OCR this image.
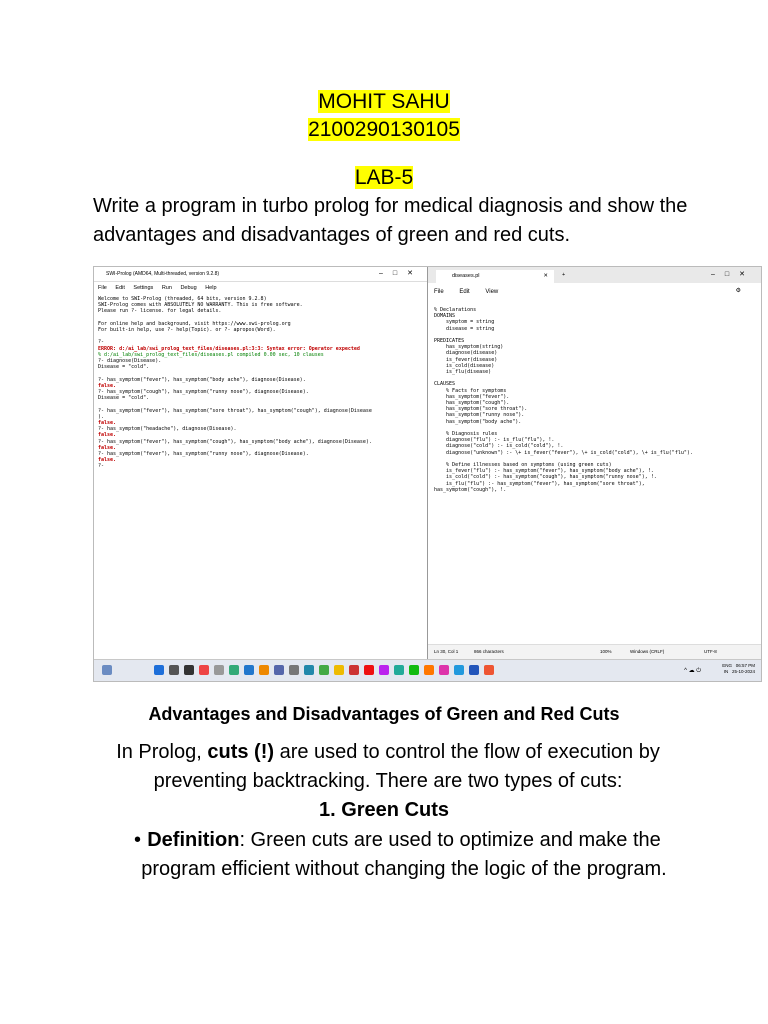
MOHIT SAHU
2100290130105
LAB-5
Write a program in turbo prolog for medical diagnosis and show the advantages and disadvantages of green and red cuts.
SWI-Prolog (AMD64, Multi-threaded, version 9.2.8)	–□✕
File Edit Settings Run Debug Help
Welcome to SWI-Prolog (threaded, 64 bits, version 9.2.8)
SWI-Prolog comes with ABSOLUTELY NO WARRANTY. This is free software.
Please run ?- license. for legal details.

For online help and background, visit https://www.swi-prolog.org
For built-in help, use ?- help(Topic). or ?- apropos(Word).

?-
ERROR: d:/ai_lab/swi_prolog_text_files/diseases.pl:3:3: Syntax error: Operator expected
% d:/ai_lab/swi_prolog_text_files/diseases.pl compiled 0.00 sec, 10 clauses
?- diagnose(Disease).
Disease = "cold".

?- has_symptom("fever"), has_symptom("body ache"), diagnose(Disease).
false.
?- has_symptom("cough"), has_symptom("runny nose"), diagnose(Disease).
Disease = "cold".

?- has_symptom("fever"), has_symptom("sore throat"), has_symptom("cough"), diagnose(Disease
).
false.
?- has_symptom("headache"), diagnose(Disease).
false.
?- has_symptom("fever"), has_symptom("cough"), has_symptom("body ache"), diagnose(Disease).
false.
?- has_symptom("fever"), has_symptom("runny nose"), diagnose(Disease).
false.
?-
diseases.pl	✕	+	–□✕
File	Edit	View	⚙
% Declarations
DOMAINS
symptom = string
disease = string

PREDICATES
has_symptom(string)
diagnose(disease)
is_fever(disease)
is_cold(disease)
is_flu(disease)

CLAUSES
% Facts for symptoms
has_symptom("fever").
has_symptom("cough").
has_symptom("sore throat").
has_symptom("runny nose").
has_symptom("body ache").

% Diagnosis rules
diagnose("flu") :- is_flu("flu"), !.
diagnose("cold") :- is_cold("cold"), !.
diagnose("unknown") :- \+ is_fever("fever"), \+ is_cold("cold"), \+ is_flu("flu").

% Define illnesses based on symptoms (using green cuts)
is_fever("flu") :- has_symptom("fever"), has_symptom("body ache"), !.
is_cold("cold") :- has_symptom("cough"), has_symptom("runny nose"), !.
is_flu("flu") :- has_symptom("fever"), has_symptom("sore throat"),
has_symptom("cough"), !.
Ln 30, Col 1	866 characters	100%	Windows (CRLF)	UTF-8
^ ☁ ⏻
ENG 06:57 PM
IN 25-10-2024
Advantages and Disadvantages of Green and Red Cuts
In Prolog, cuts (!) are used to control the flow of execution by preventing backtracking. There are two types of cuts:
1. Green Cuts
• Definition: Green cuts are used to optimize and make the program efficient without changing the logic of the program.
